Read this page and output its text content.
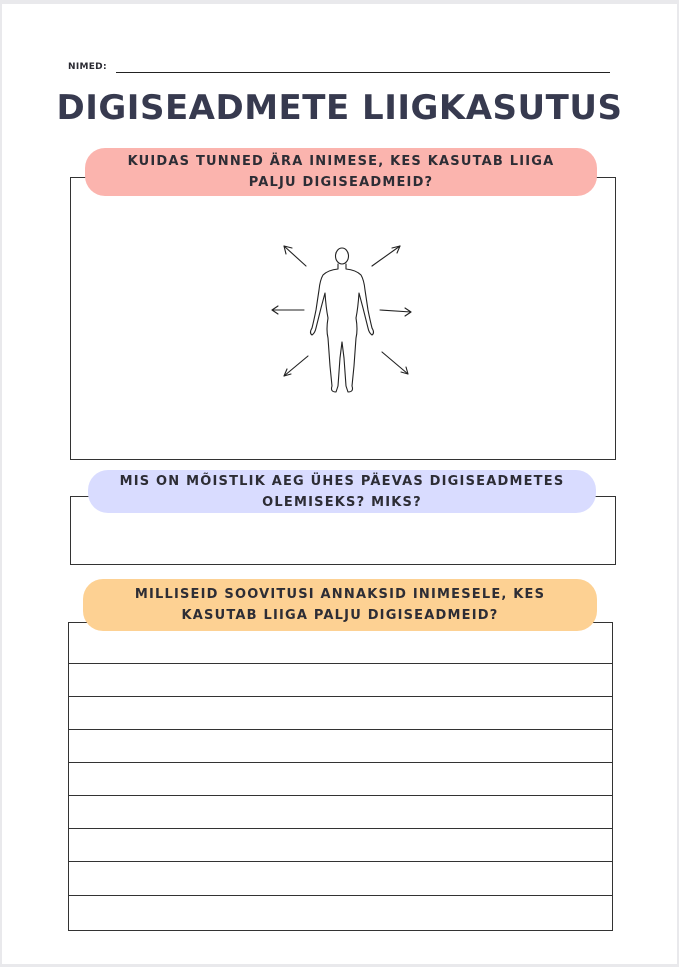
NIMED:
DIGISEADMETE LIIGKASUTUS
KUIDAS TUNNED ÄRA INIMESE, KES KASUTAB LIIGA
PALJU DIGISEADMEID?
MIS ON MÕISTLIK AEG ÜHES PÄEVAS DIGISEADMETES
OLEMISEKS? MIKS?
MILLISEID SOOVITUSI ANNAKSID INIMESELE, KES
KASUTAB LIIGA PALJU DIGISEADMEID?
